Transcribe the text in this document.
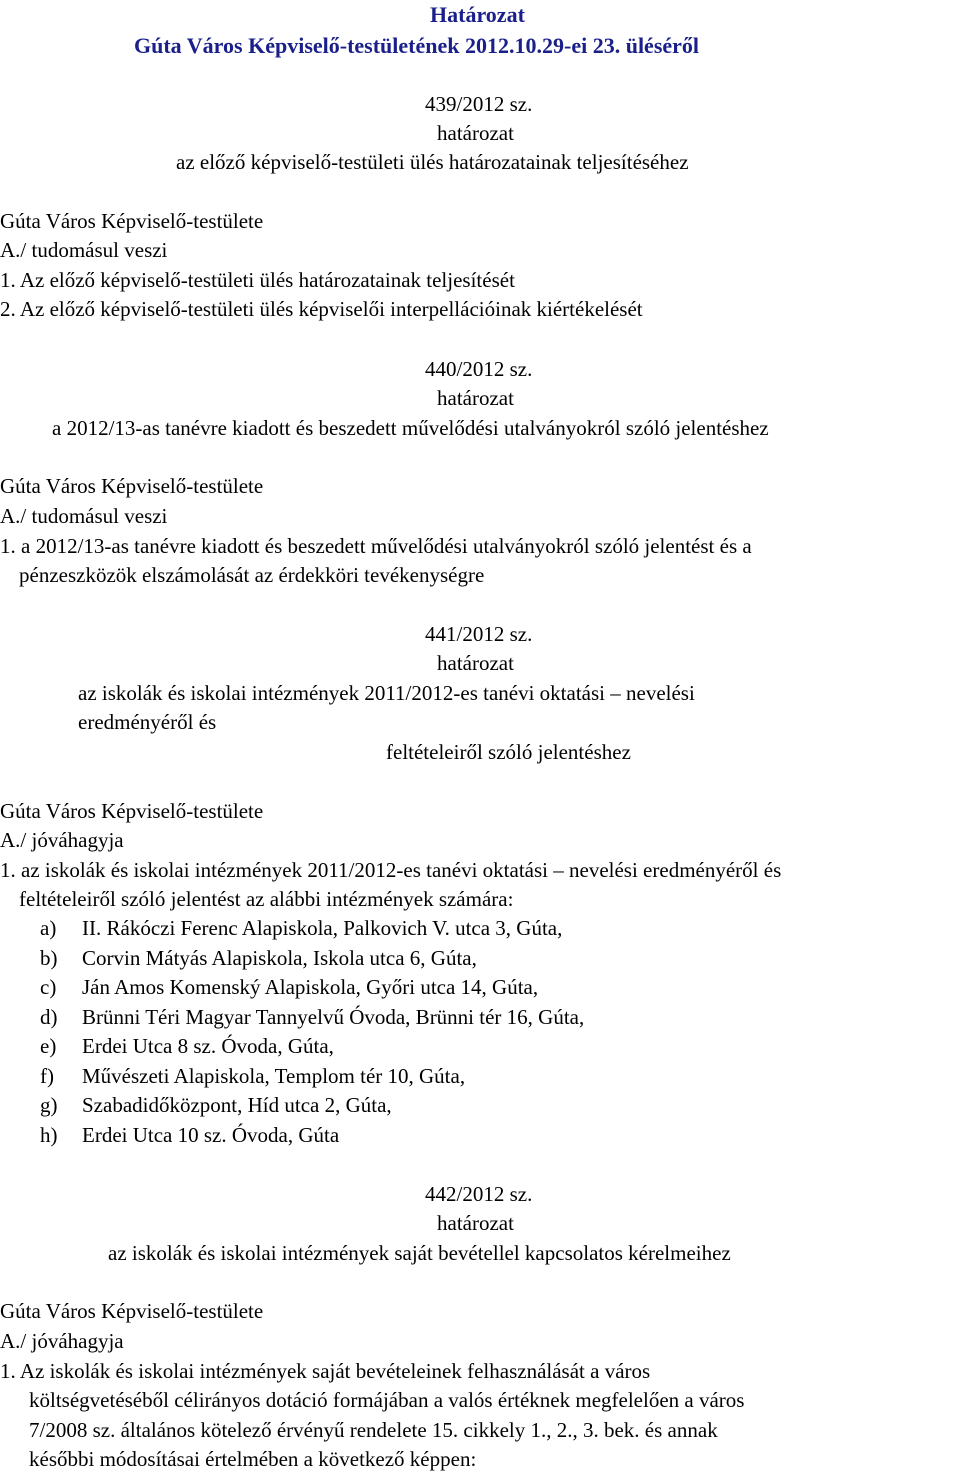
Határozat
Gúta Város Képviselő-testületének 2012.10.29-ei 23. üléséről
439/2012 sz.
határozat
az előző képviselő-testületi ülés határozatainak teljesítéséhez
Gúta Város Képviselő-testülete
A./ tudomásul veszi
1. Az előző képviselő-testületi ülés határozatainak teljesítését
2. Az előző képviselő-testületi ülés képviselői interpellációinak kiértékelését
440/2012 sz.
határozat
a 2012/13-as tanévre kiadott és beszedett művelődési utalványokról szóló jelentéshez
Gúta Város Képviselő-testülete
A./ tudomásul veszi
1. a 2012/13-as tanévre kiadott és beszedett művelődési utalványokról szóló jelentést és a
pénzeszközök elszámolását az érdekköri tevékenységre
441/2012 sz.
határozat
az iskolák és iskolai intézmények 2011/2012-es tanévi oktatási – nevelési
eredményéről és
feltételeiről szóló jelentéshez
Gúta Város Képviselő-testülete
A./ jóváhagyja
1. az iskolák és iskolai intézmények 2011/2012-es tanévi oktatási – nevelési eredményéről és
feltételeiről szóló jelentést az alábbi intézmények számára:
a) II. Rákóczi Ferenc Alapiskola, Palkovich V. utca 3, Gúta,
b) Corvin Mátyás Alapiskola, Iskola utca 6, Gúta,
c) Ján Amos Komenský Alapiskola, Győri utca 14, Gúta,
d) Brünni Téri Magyar Tannyelvű Óvoda, Brünni tér 16, Gúta,
e) Erdei Utca 8 sz. Óvoda, Gúta,
f) Művészeti Alapiskola, Templom tér 10, Gúta,
g) Szabadidőközpont, Híd utca 2, Gúta,
h) Erdei Utca 10 sz. Óvoda, Gúta
442/2012 sz.
határozat
az iskolák és iskolai intézmények saját bevétellel kapcsolatos kérelmeihez
Gúta Város Képviselő-testülete
A./ jóváhagyja
1. Az iskolák és iskolai intézmények saját bevételeinek felhasználását a város
költségvetéséből célirányos dotáció formájában a valós értéknek megfelelően a város
7/2008 sz. általános kötelező érvényű rendelete 15. cikkely 1., 2., 3. bek. és annak
későbbi módosításai értelmében a következő képpen:
